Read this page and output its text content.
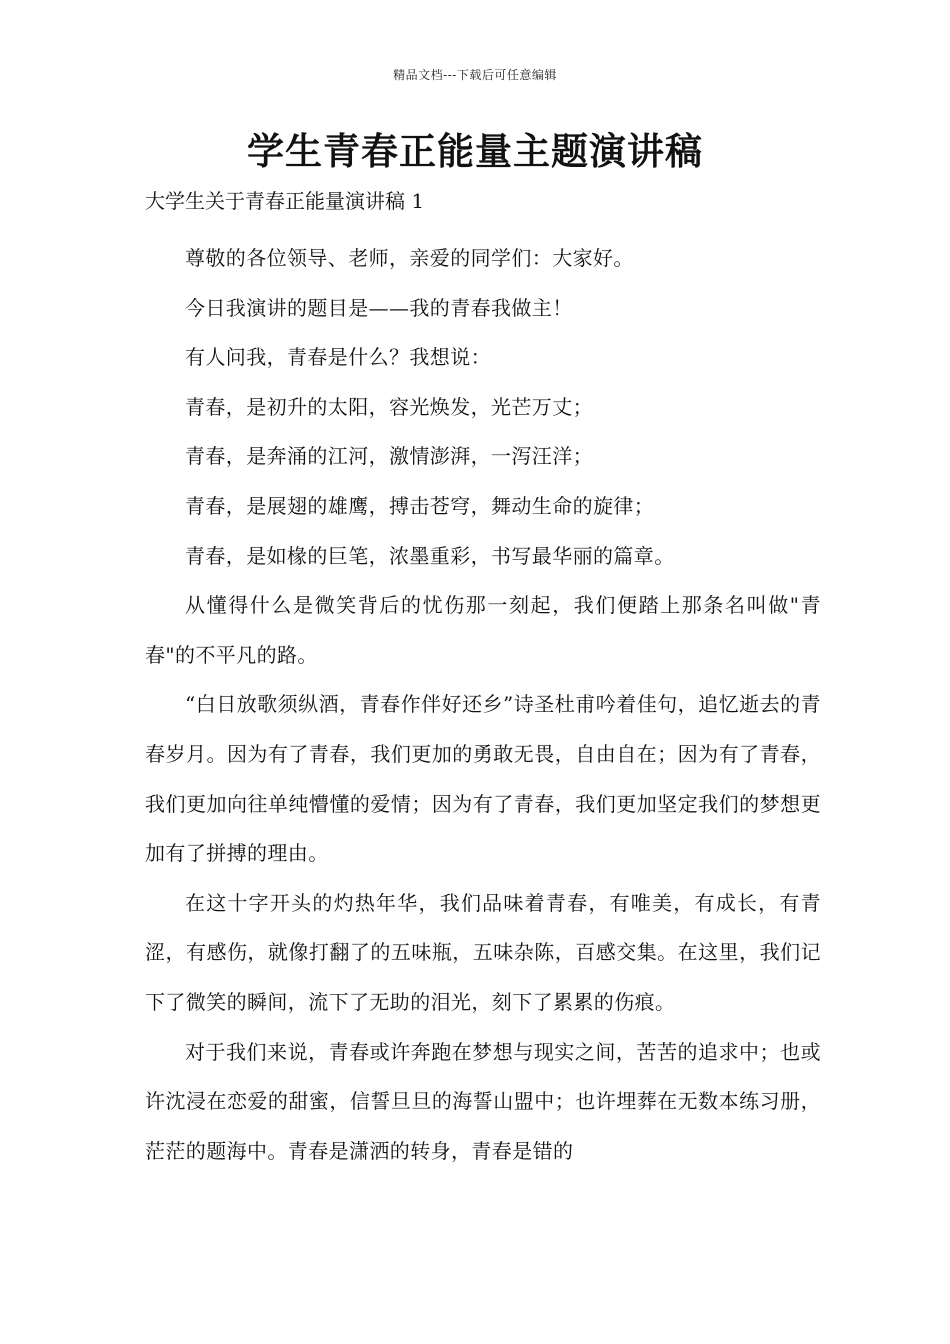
精品文档---下载后可任意编辑
学生青春正能量主题演讲稿
大学生关于青春正能量演讲稿 1

尊敬的各位领导、老师，亲爱的同学们：大家好。

今日我演讲的题目是——我的青春我做主！

有人问我，青春是什么？我想说：

青春，是初升的太阳，容光焕发，光芒万丈；

青春，是奔涌的江河，激情澎湃，一泻汪洋；

青春，是展翅的雄鹰，搏击苍穹，舞动生命的旋律；

青春，是如椽的巨笔，浓墨重彩，书写最华丽的篇章。

从懂得什么是微笑背后的忧伤那一刻起，我们便踏上那条名叫做"青春"的不平凡的路。

“白日放歌须纵酒，青春作伴好还乡”诗圣杜甫吟着佳句，追忆逝去的青春岁月。因为有了青春，我们更加的勇敢无畏，自由自在；因为有了青春，我们更加向往单纯懵懂的爱情；因为有了青春，我们更加坚定我们的梦想更加有了拼搏的理由。

在这十字开头的灼热年华，我们品味着青春，有唯美，有成长，有青涩，有感伤，就像打翻了的五味瓶，五味杂陈，百感交集。在这里，我们记下了微笑的瞬间，流下了无助的泪光，刻下了累累的伤痕。

对于我们来说，青春或许奔跑在梦想与现实之间，苦苦的追求中；也或许沈浸在恋爱的甜蜜，信誓旦旦的海誓山盟中；也许埋葬在无数本练习册，茫茫的题海中。青春是潇洒的转身，青春是错的
